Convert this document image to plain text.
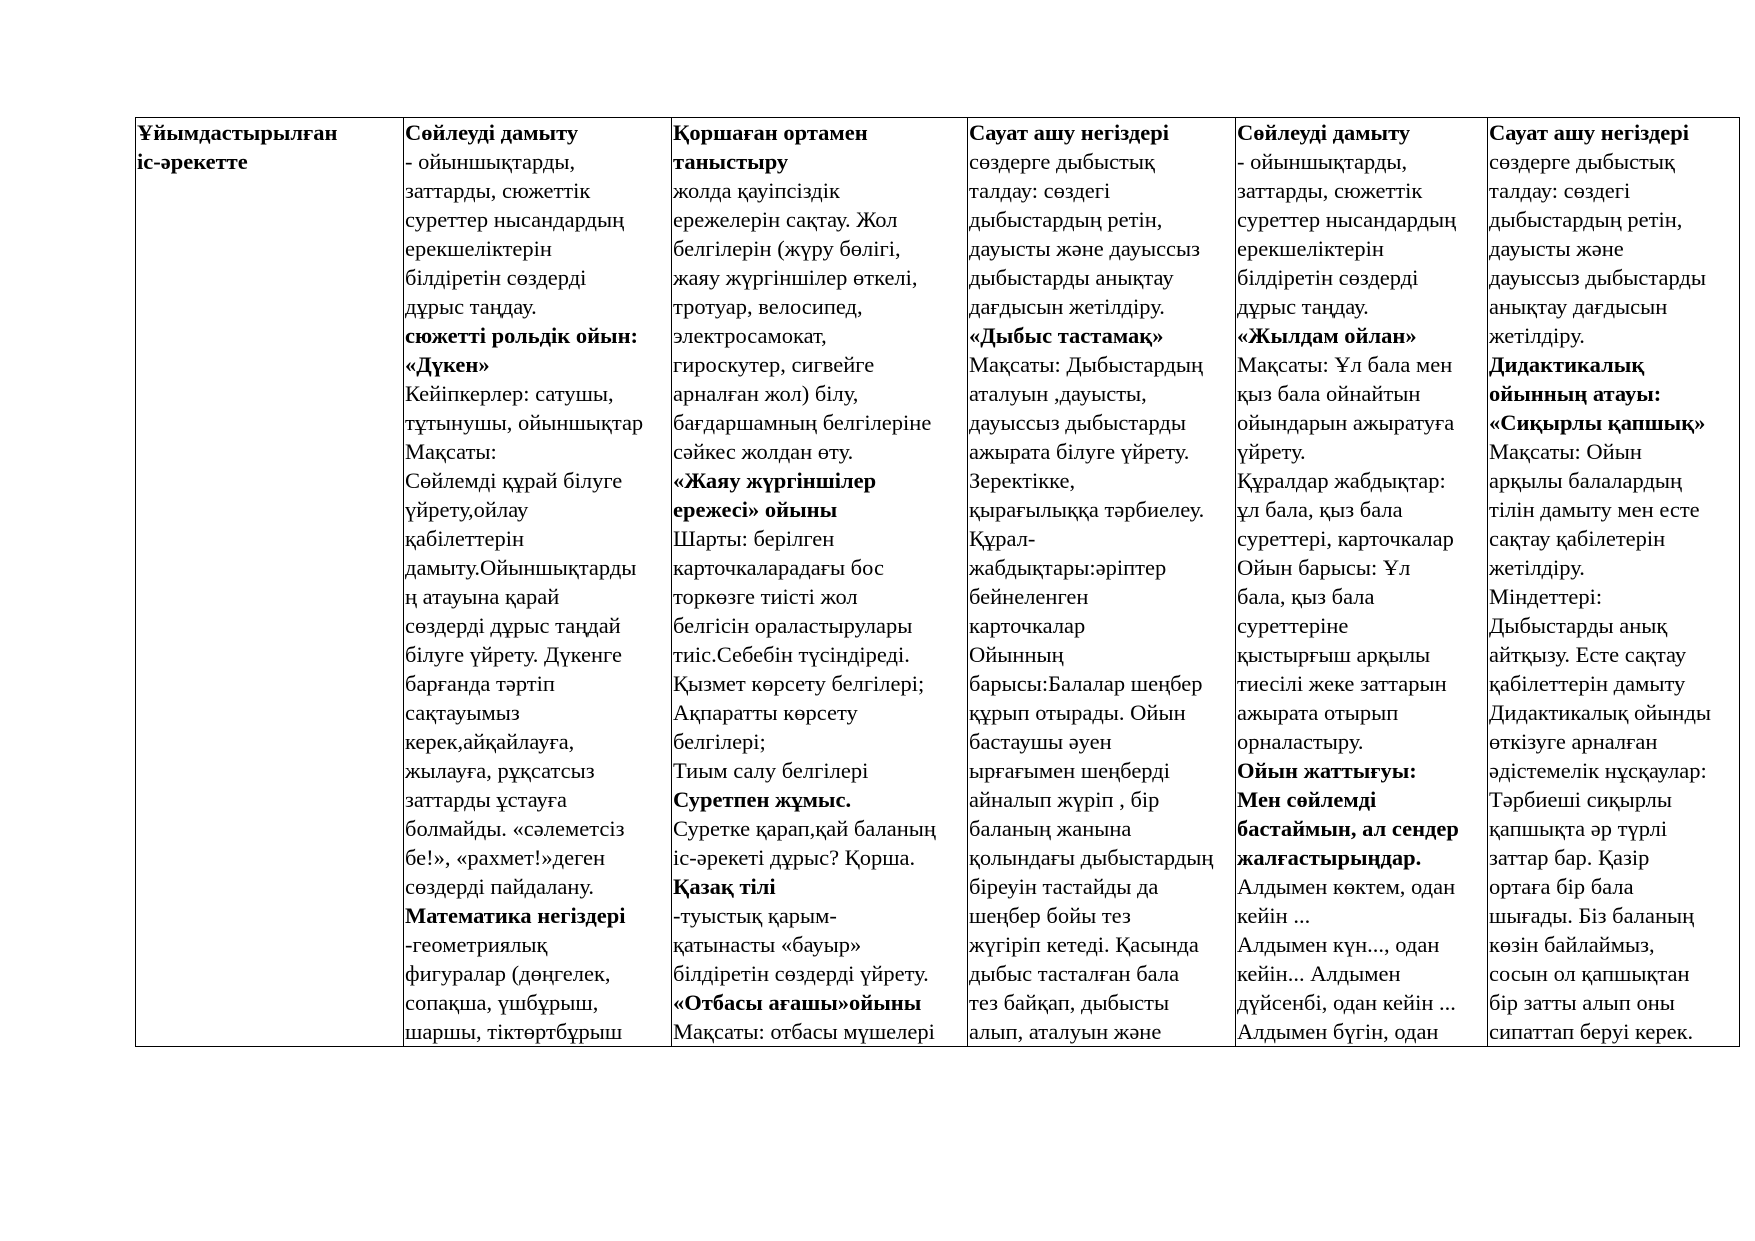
Ұйымдастырылған
іс-әрекетте

Сөйлеуді дамыту
- ойыншықтарды,
заттарды, сюжеттік
суреттер нысандардың
ерекшеліктерін
білдіретін сөздерді
дұрыс таңдау.
сюжетті рольдік ойын:
«Дүкен»
Кейіпкерлер: сатушы,
тұтынушы, ойыншықтар
Мақсаты:
Сөйлемді құрай білуге
үйрету,ойлау
қабілеттерін
дамыту.Ойыншықтарды
ң атауына қарай
сөздерді дұрыс таңдай
білуге үйрету. Дүкенге
барғанда тәртіп
сақтауымыз
керек,айқайлауға,
жылауға, рұқсатсыз
заттарды ұстауға
болмайды. «сәлеметсіз
бе!», «рахмет!»деген
сөздерді пайдалану.
Математика негіздері
-геометриялық
фигуралар (дөңгелек,
сопақша, үшбұрыш,
шаршы, тіктөртбұрыш

Қоршаған ортамен
таныстыру
жолда қауіпсіздік
ережелерін сақтау. Жол
белгілерін (жүру бөлігі,
жаяу жүргіншілер өткелі,
тротуар, велосипед,
электросамокат,
гироскутер, сигвейге
арналған жол) білу,
бағдаршамның белгілеріне
сәйкес жолдан өту.
«Жаяу жүргіншілер
ережесі» ойыны
Шарты: берілген
карточкаларадағы бос
торкөзге тиісті жол
белгісін ораластырулары
тиіс.Себебін түсіндіреді.
Қызмет көрсету белгілері;
Ақпаратты көрсету
белгілері;
Тиым салу белгілері
Суретпен жұмыс.
Суретке қарап,қай баланың
іс-әрекеті дұрыс? Қорша.
Қазақ тілі
-туыстық қарым-
қатынасты «бауыр»
білдіретін сөздерді үйрету.
«Отбасы ағашы»ойыны
Мақсаты: отбасы мүшелері

Сауат ашу негіздері
сөздерге дыбыстық
талдау: сөздегі
дыбыстардың ретін,
дауысты және дауыссыз
дыбыстарды анықтау
дағдысын жетілдіру.
«Дыбыс тастамақ»
Мақсаты: Дыбыстардың
аталуын ,дауысты,
дауыссыз дыбыстарды
ажырата білуге үйрету.
Зеректікке,
қырағылыққа тәрбиелеу.
Құрал-
жабдықтары:әріптер
бейнеленген
карточкалар
Ойынның
барысы:Балалар шеңбер
құрып отырады. Ойын
бастаушы әуен
ырғағымен шеңберді
айналып жүріп , бір
баланың жанына
қолындағы дыбыстардың
біреуін тастайды да
шеңбер бойы тез
жүгіріп кетеді. Қасында
дыбыс тасталған бала
тез байқап, дыбысты
алып, аталуын және

Сөйлеуді дамыту
- ойыншықтарды,
заттарды, сюжеттік
суреттер нысандардың
ерекшеліктерін
білдіретін сөздерді
дұрыс таңдау.
«Жылдам ойлан»
Мақсаты: Ұл бала мен
қыз бала ойнайтын
ойындарын ажыратуға
үйрету.
Құралдар жабдықтар:
ұл бала, қыз бала
суреттері, карточкалар
Ойын барысы: Ұл
бала, қыз бала
суреттеріне
қыстырғыш арқылы
тиесілі жеке заттарын
ажырата отырып
орналастыру.
Ойын жаттығуы:
Мен сөйлемді
бастаймын, ал сендер
жалғастырыңдар.
Алдымен көктем, одан
кейін ...
Алдымен күн..., одан
кейін... Алдымен
дүйсенбі, одан кейін ...
Алдымен бүгін, одан

Сауат ашу негіздері
сөздерге дыбыстық
талдау: сөздегі
дыбыстардың ретін,
дауысты және
дауыссыз дыбыстарды
анықтау дағдысын
жетілдіру.
Дидактикалық
ойынның атауы:
«Сиқырлы қапшық»
Мақсаты: Ойын
арқылы балалардың
тілін дамыту мен есте
сақтау қабілетерін
жетілдіру.
Міндеттері:
Дыбыстарды анық
айтқызу. Есте сақтау
қабілеттерін дамыту
Дидактикалық ойынды
өткізуге арналған
әдістемелік нұсқаулар:
Тәрбиеші сиқырлы
қапшықта әр түрлі
заттар бар. Қазір
ортаға бір бала
шығады. Біз баланың
көзін байлаймыз,
сосын ол қапшықтан
бір затты алып оны
сипаттап беруі керек.
